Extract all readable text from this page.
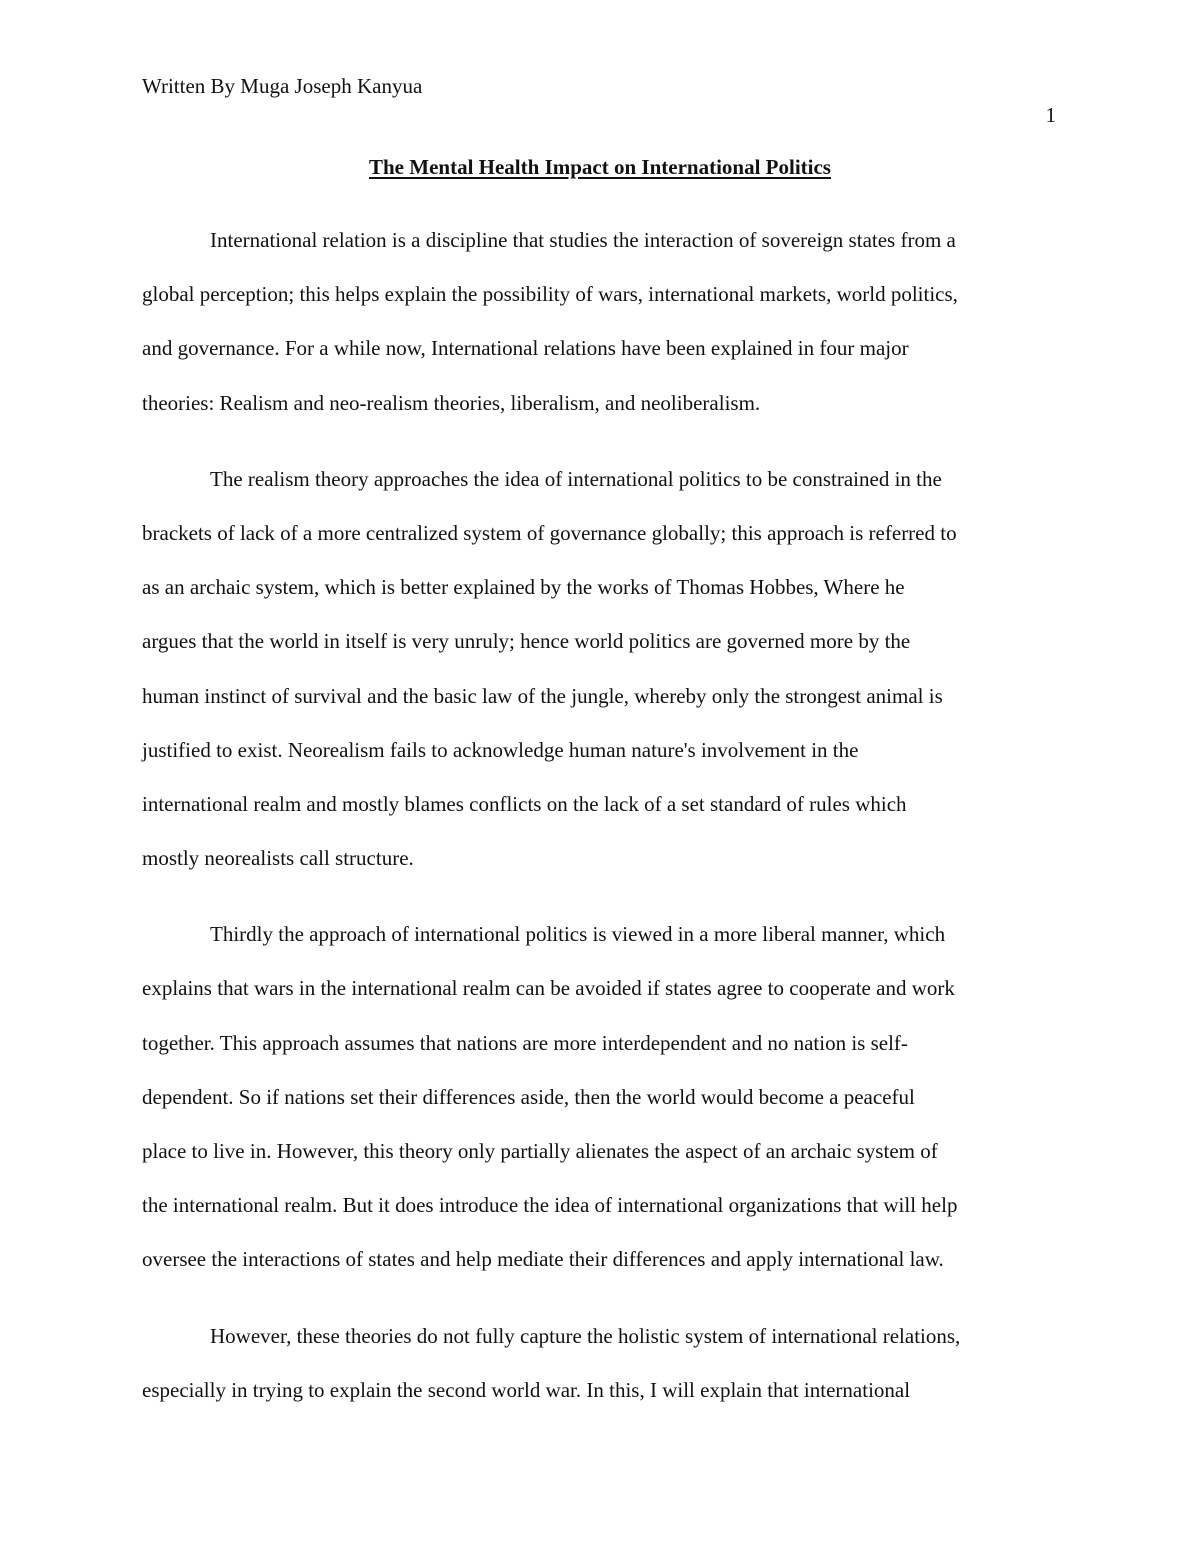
Written By Muga Joseph Kanyua
1
The Mental Health Impact on International Politics
International relation is a discipline that studies the interaction of sovereign states from a
global perception; this helps explain the possibility of wars, international markets, world politics,
and governance. For a while now, International relations have been explained in four major
theories: Realism and neo-realism theories, liberalism, and neoliberalism.
The realism theory approaches the idea of international politics to be constrained in the
brackets of lack of a more centralized system of governance globally; this approach is referred to
as an archaic system, which is better explained by the works of Thomas Hobbes, Where he
argues that the world in itself is very unruly; hence world politics are governed more by the
human instinct of survival and the basic law of the jungle, whereby only the strongest animal is
justified to exist. Neorealism fails to acknowledge human nature's involvement in the
international realm and mostly blames conflicts on the lack of a set standard of rules which
mostly neorealists call structure.
Thirdly the approach of international politics is viewed in a more liberal manner, which
explains that wars in the international realm can be avoided if states agree to cooperate and work
together. This approach assumes that nations are more interdependent and no nation is self-
dependent. So if nations set their differences aside, then the world would become a peaceful
place to live in. However, this theory only partially alienates the aspect of an archaic system of
the international realm. But it does introduce the idea of international organizations that will help
oversee the interactions of states and help mediate their differences and apply international law.
However, these theories do not fully capture the holistic system of international relations,
especially in trying to explain the second world war. In this, I will explain that international
